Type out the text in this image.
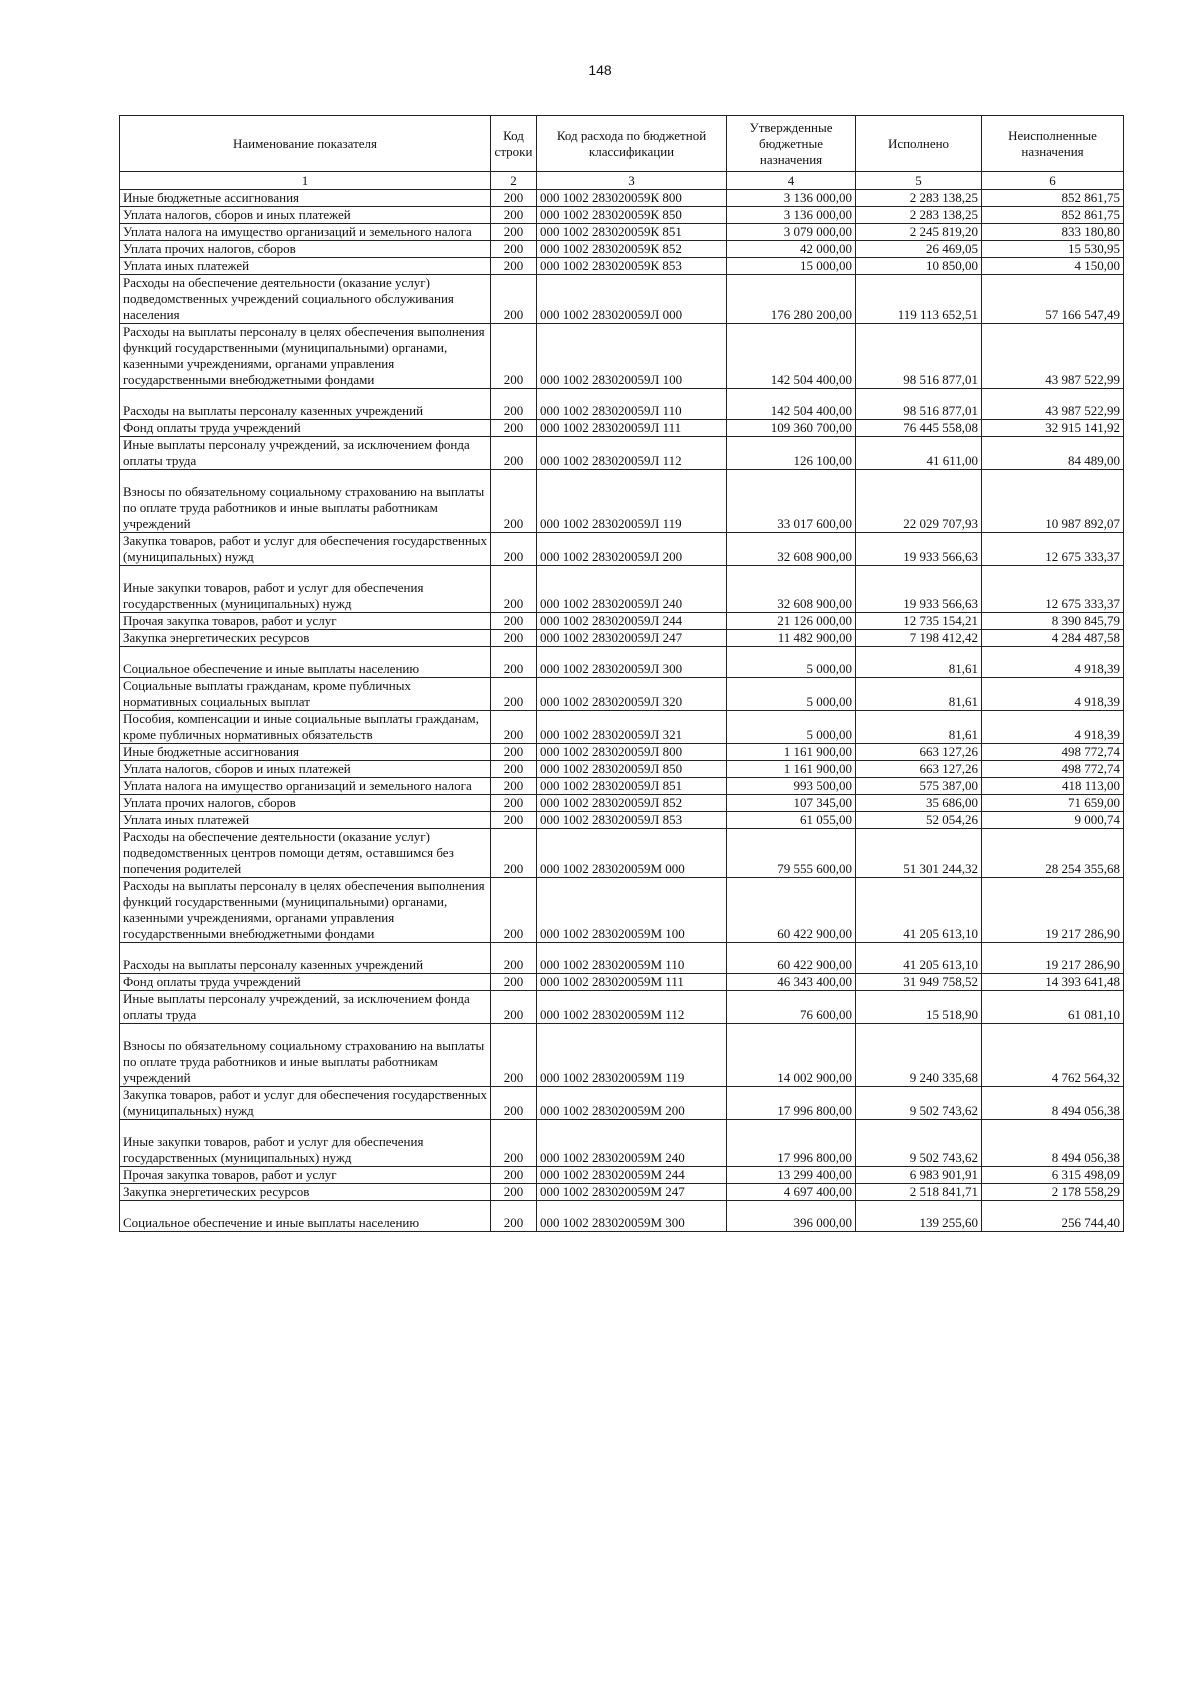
148
Наименование показателя	Код строки	Код расхода по бюджетной классификации	Утвержденные бюджетные назначения	Исполнено	Неисполненные назначения
1	2	3	4	5	6
Иные бюджетные ассигнования	200	000 1002 283020059К 800	3 136 000,00	2 283 138,25	852 861,75
Уплата налогов, сборов и иных платежей	200	000 1002 283020059К 850	3 136 000,00	2 283 138,25	852 861,75
Уплата налога на имущество организаций и земельного налога	200	000 1002 283020059К 851	3 079 000,00	2 245 819,20	833 180,80
Уплата прочих налогов, сборов	200	000 1002 283020059К 852	42 000,00	26 469,05	15 530,95
Уплата иных платежей	200	000 1002 283020059К 853	15 000,00	10 850,00	4 150,00
Расходы на обеспечение деятельности (оказание услуг) подведомственных учреждений социального обслуживания населения	200	000 1002 283020059Л 000	176 280 200,00	119 113 652,51	57 166 547,49
Расходы на выплаты персоналу в целях обеспечения выполнения функций государственными (муниципальными) органами, казенными учреждениями, органами управления государственными внебюджетными фондами	200	000 1002 283020059Л 100	142 504 400,00	98 516 877,01	43 987 522,99
Расходы на выплаты персоналу казенных учреждений	200	000 1002 283020059Л 110	142 504 400,00	98 516 877,01	43 987 522,99
Фонд оплаты труда учреждений	200	000 1002 283020059Л 111	109 360 700,00	76 445 558,08	32 915 141,92
Иные выплаты персоналу учреждений, за исключением фонда оплаты труда	200	000 1002 283020059Л 112	126 100,00	41 611,00	84 489,00
Взносы по обязательному социальному страхованию на выплаты по оплате труда работников и иные выплаты работникам учреждений	200	000 1002 283020059Л 119	33 017 600,00	22 029 707,93	10 987 892,07
Закупка товаров, работ и услуг для обеспечения государственных (муниципальных) нужд	200	000 1002 283020059Л 200	32 608 900,00	19 933 566,63	12 675 333,37
Иные закупки товаров, работ и услуг для обеспечения государственных (муниципальных) нужд	200	000 1002 283020059Л 240	32 608 900,00	19 933 566,63	12 675 333,37
Прочая закупка товаров, работ и услуг	200	000 1002 283020059Л 244	21 126 000,00	12 735 154,21	8 390 845,79
Закупка энергетических ресурсов	200	000 1002 283020059Л 247	11 482 900,00	7 198 412,42	4 284 487,58
Социальное обеспечение и иные выплаты населению	200	000 1002 283020059Л 300	5 000,00	81,61	4 918,39
Социальные выплаты гражданам, кроме публичных нормативных социальных выплат	200	000 1002 283020059Л 320	5 000,00	81,61	4 918,39
Пособия, компенсации и иные социальные выплаты гражданам, кроме публичных нормативных обязательств	200	000 1002 283020059Л 321	5 000,00	81,61	4 918,39
Иные бюджетные ассигнования	200	000 1002 283020059Л 800	1 161 900,00	663 127,26	498 772,74
Уплата налогов, сборов и иных платежей	200	000 1002 283020059Л 850	1 161 900,00	663 127,26	498 772,74
Уплата налога на имущество организаций и земельного налога	200	000 1002 283020059Л 851	993 500,00	575 387,00	418 113,00
Уплата прочих налогов, сборов	200	000 1002 283020059Л 852	107 345,00	35 686,00	71 659,00
Уплата иных платежей	200	000 1002 283020059Л 853	61 055,00	52 054,26	9 000,74
Расходы на обеспечение деятельности (оказание услуг) подведомственных центров помощи детям, оставшимся без попечения родителей	200	000 1002 283020059М 000	79 555 600,00	51 301 244,32	28 254 355,68
Расходы на выплаты персоналу в целях обеспечения выполнения функций государственными (муниципальными) органами, казенными учреждениями, органами управления государственными внебюджетными фондами	200	000 1002 283020059М 100	60 422 900,00	41 205 613,10	19 217 286,90
Расходы на выплаты персоналу казенных учреждений	200	000 1002 283020059М 110	60 422 900,00	41 205 613,10	19 217 286,90
Фонд оплаты труда учреждений	200	000 1002 283020059М 111	46 343 400,00	31 949 758,52	14 393 641,48
Иные выплаты персоналу учреждений, за исключением фонда оплаты труда	200	000 1002 283020059М 112	76 600,00	15 518,90	61 081,10
Взносы по обязательному социальному страхованию на выплаты по оплате труда работников и иные выплаты работникам учреждений	200	000 1002 283020059М 119	14 002 900,00	9 240 335,68	4 762 564,32
Закупка товаров, работ и услуг для обеспечения государственных (муниципальных) нужд	200	000 1002 283020059М 200	17 996 800,00	9 502 743,62	8 494 056,38
Иные закупки товаров, работ и услуг для обеспечения государственных (муниципальных) нужд	200	000 1002 283020059М 240	17 996 800,00	9 502 743,62	8 494 056,38
Прочая закупка товаров, работ и услуг	200	000 1002 283020059М 244	13 299 400,00	6 983 901,91	6 315 498,09
Закупка энергетических ресурсов	200	000 1002 283020059М 247	4 697 400,00	2 518 841,71	2 178 558,29
Социальное обеспечение и иные выплаты населению	200	000 1002 283020059М 300	396 000,00	139 255,60	256 744,40
